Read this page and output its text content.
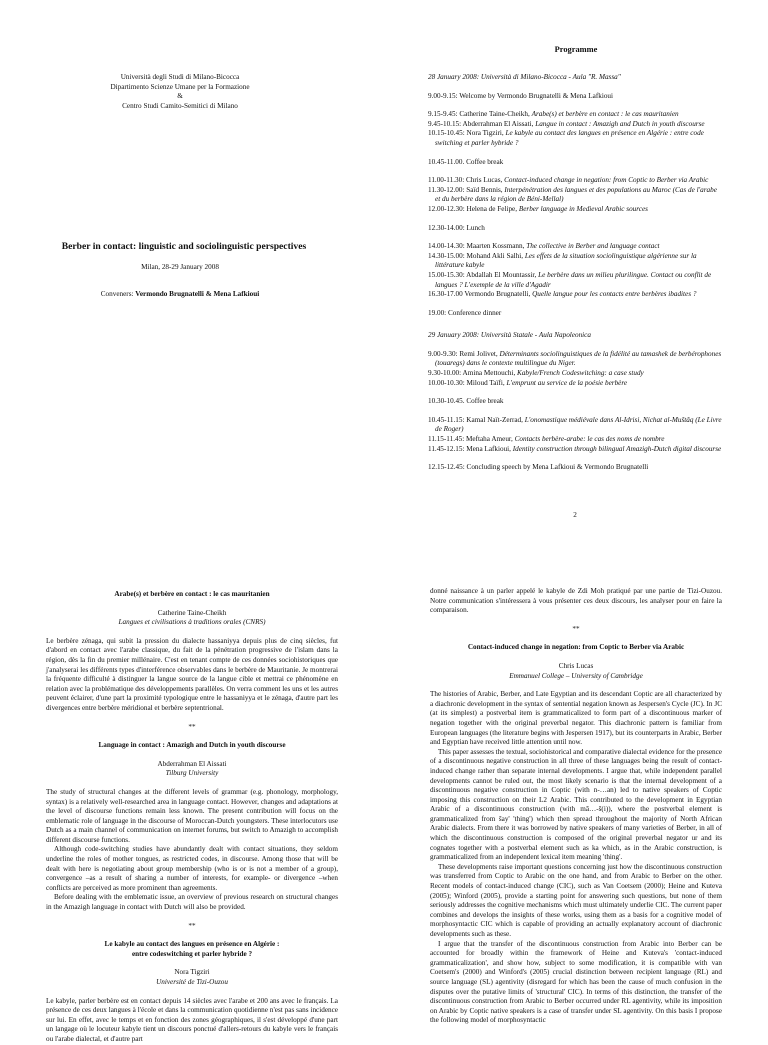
Università degli Studi di Milano-Bicocca
Dipartimento Scienze Umane per la Formazione
&
Centro Studi Camito-Semitici di Milano
Berber in contact: linguistic and sociolinguistic perspectives
Milan, 28-29 January 2008
Conveners: Vermondo Brugnatelli & Mena Lafkioui
Programme
28 January 2008: Università di Milano-Bicocca - Aula "R. Massa"
9.00-9.15: Welcome by Vermondo Brugnatelli & Mena Lafkioui
9.15-9.45: Catherine Taine-Cheikh, Arabe(s) et berbère en contact : le cas mauritanien
9.45-10.15: Abderrahman El Aissati, Langue in contact : Amazigh and Dutch in youth discourse
10.15-10.45: Nora Tigziri, Le kabyle au contact des langues en présence en Algérie : entre code switching et parler hybride ?
10.45-11.00. Coffee break
11.00-11.30: Chris Lucas, Contact-induced change in negation: from Coptic to Berber via Arabic
11.30-12.00: Saïd Bennis, Interpénétration des langues et des populations au Maroc (Cas de l'arabe et du berbère dans la région de Béni-Mellal)
12.00-12.30: Helena de Felipe, Berber language in Medieval Arabic sources
12.30-14.00: Lunch
14.00-14.30: Maarten Kossmann, The collective in Berber and language contact
14.30-15.00: Mohand Akli Salhi, Les effets de la situation sociolinguistique algérienne sur la littérature kabyle
15.00-15.30: Abdallah El Mountassir, Le berbère dans un milieu plurilingue. Contact ou conflit de langues ? L'exemple de la ville d'Agadir
16.30-17.00 Vermondo Brugnatelli, Quelle langue pour les contacts entre berbères ibadites ?
19.00: Conference dinner
29 January 2008: Università Statale - Aula Napoleonica
9.00-9.30: Remi Jolivet, Déterminants sociolinguistiques de la fidélité au tamashek de berbérophones (touaregs) dans le contexte multilingue du Niger.
9.30-10.00: Amina Mettouchi, Kabyle/French Codeswitching: a case study
10.00-10.30: Miloud Taïfi, L'emprunt au service de la poésie berbère
10.30-10.45. Coffee break
10.45-11.15: Kamal Naït-Zerrad, L'onomastique médiévale dans Al-Idrisi, Nichat al-Muštâq (Le Livre de Roger)
11.15-11.45: Meftaha Ameur, Contacts berbère-arabe: le cas des noms de nombre
11.45-12.15: Mena Lafkioui, Identity construction through bilingual Amazigh-Dutch digital discourse
12.15-12.45: Concluding speech by Mena Lafkioui & Vermondo Brugnatelli
2
Arabe(s) et berbère en contact : le cas mauritanien
Catherine Taine-Cheikh
Langues et civilisations à traditions orales (CNRS)

Le berbère zénaga, qui subit la pression du dialecte hassaniyya depuis plus de cinq siècles, fut d'abord en contact avec l'arabe classique, du fait de la pénétration progressive de l'islam dans la région, dès la fin du premier millénaire. C'est en tenant compte de ces données sociohistoriques que j'analyserai les différents types d'interférence observables dans le berbère de Mauritanie. Je montrerai la fréquente difficulté à distinguer la langue source de la langue cible et mettrai ce phénomène en relation avec la problématique des développements parallèles. On verra comment les uns et les autres peuvent éclairer, d'une part la proximité typologique entre le hassaniyya et le zénaga, d'autre part les divergences entre berbère méridional et berbère septentrional.

**
Language in contact : Amazigh and Dutch in youth discourse
Abderrahman El Aissati
Tilburg University

The study of structural changes at the different levels of grammar (e.g. phonology, morphology, syntax) is a relatively well-researched area in language contact. However, changes and adaptations at the level of discourse functions remain less known. The present contribution will focus on the emblematic role of language in the discourse of Moroccan-Dutch youngsters. These interlocutors use Dutch as a main channel of communication on internet forums, but switch to Amazigh to accomplish different discourse functions.

Although code-switching studies have abundantly dealt with contact situations, they seldom underline the roles of mother tongues, as restricted codes, in discourse. Among those that will be dealt with here is negotiating about group membership (who is or is not a member of a group), convergence –as a result of sharing a number of interests, for example- or divergence –when conflicts are perceived as more prominent than agreements.

Before dealing with the emblematic issue, an overview of previous research on structural changes in the Amazigh language in contact with Dutch will also be provided.

**
Le kabyle au contact des langues en présence en Algérie :
entre codeswitching et parler hybride ?
Nora Tigziri
Université de Tizi-Ouzou

Le kabyle, parler berbère est en contact depuis 14 siècles avec l'arabe et 200 ans avec le français. La présence de ces deux langues à l'école et dans la communication quotidienne n'est pas sans incidence sur lui. En effet, avec le temps et en fonction des zones géographiques, il s'est développé d'une part un langage où le locuteur kabyle tient un discours ponctué d'allers-retours du kabyle vers le français ou l'arabe dialectal, et d'autre part

donné naissance à un parler appelé le kabyle de Zdi Moh pratiqué par une partie de Tizi-Ouzou. Notre communication s'intéressera à vous présenter ces deux discours, les analyser pour en faire la comparaison.

**
Contact-induced change in negation: from Coptic to Berber via Arabic
Chris Lucas
Emmanuel College – University of Cambridge

The histories of Arabic, Berber, and Late Egyptian and its descendant Coptic are all characterized by a diachronic development in the syntax of sentential negation known as Jespersen's Cycle (JC). In JC (at its simplest) a postverbal item is grammaticalized to form part of a discontinuous marker of negation together with the original preverbal negator. This diachronic pattern is familiar from European languages (the literature begins with Jespersen 1917), but its counterparts in Arabic, Berber and Egyptian have received little attention until now.

This paper assesses the textual, sociohistorical and comparative dialectal evidence for the presence of a discontinuous negative construction in all three of these languages being the result of contact-induced change rather than separate internal developments. I argue that, while independent parallel developments cannot be ruled out, the most likely scenario is that the internal development of a discontinuous negative construction in Coptic (with n-…an) led to native speakers of Coptic imposing this construction on their L2 Arabic. This contributed to the development in Egyptian Arabic of a discontinuous construction (with mā…-š(i)), where the postverbal element is grammaticalized from šay' 'thing') which then spread throughout the majority of North African Arabic dialects. From there it was borrowed by native speakers of many varieties of Berber, in all of which the discontinuous construction is composed of the original preverbal negator ur and its cognates together with a postverbal element such as ka which, as in the Arabic construction, is grammaticalized from an independent lexical item meaning 'thing'.

These developments raise important questions concerning just how the discontinuous construction was transferred from Coptic to Arabic on the one hand, and from Arabic to Berber on the other. Recent models of contact-induced change (CIC), such as Van Coetsem (2000); Heine and Kuteva (2005); Winford (2005), provide a starting point for answering such questions, but none of them seriously addresses the cognitive mechanisms which must ultimately underlie CIC. The current paper combines and develops the insights of these works, using them as a basis for a cognitive model of morphosyntactic CIC which is capable of providing an actually explanatory account of diachronic developments such as these.

I argue that the transfer of the discontinuous construction from Arabic into Berber can be accounted for broadly within the framework of Heine and Kuteva's 'contact-induced grammaticalization', and show how, subject to some modification, it is compatible with van Coetsem's (2000) and Winford's (2005) crucial distinction between recipient language (RL) and source language (SL) agentivity (disregard for which has been the cause of much confusion in the disputes over the putative limits of 'structural' CIC). In terms of this distinction, the transfer of the discontinuous construction from Arabic to Berber occurred under RL agentivity, while its imposition on Arabic by Coptic native speakers is a case of transfer under SL agentivity. On this basis I propose the following model of morphosyntactic
